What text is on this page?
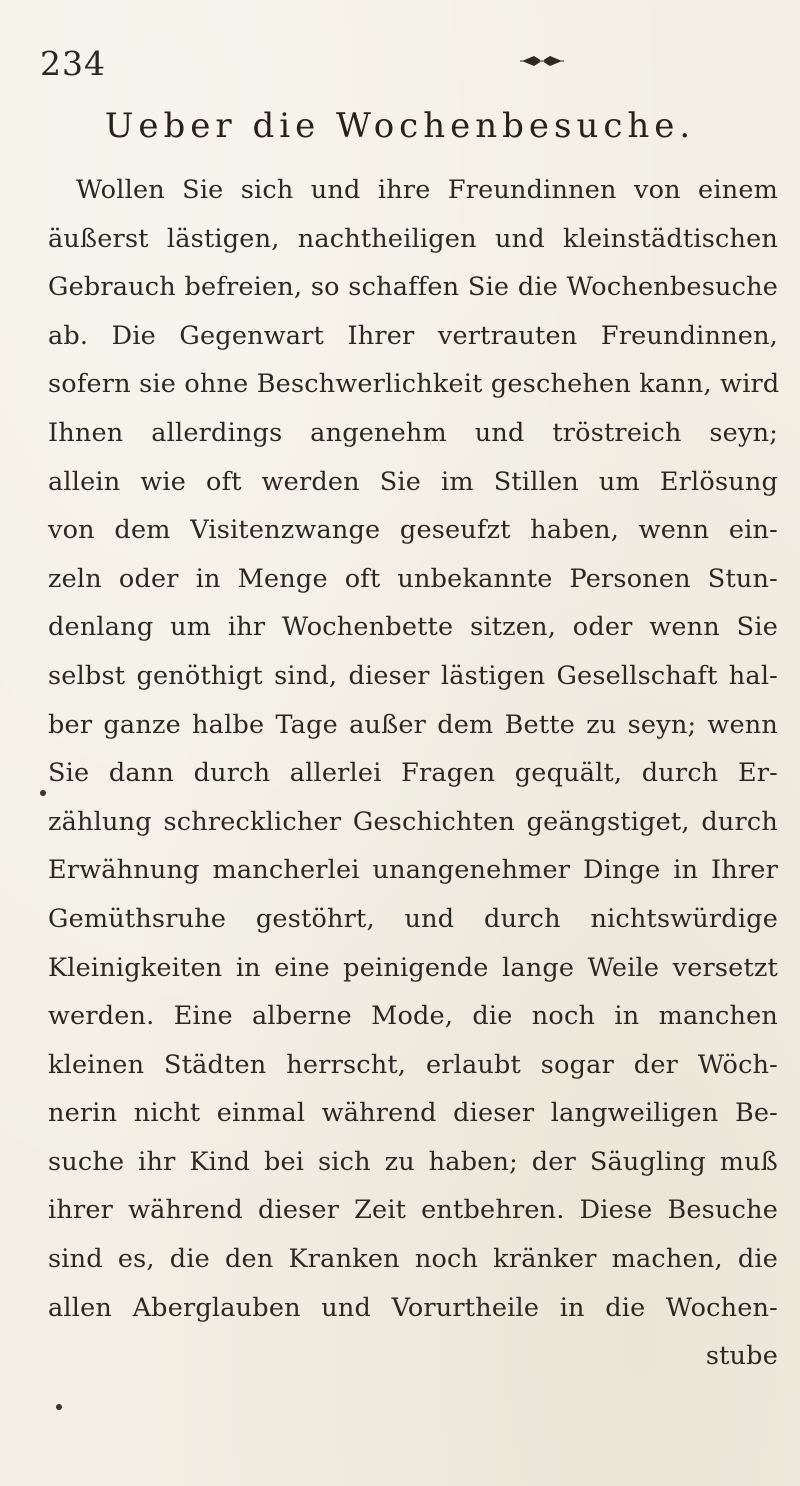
234
Ueber die Wochenbesuche.
Wollen Sie sich und ihre Freundinnen von einem
äußerst lästigen, nachtheiligen und kleinstädtischen
Gebrauch befreien, so schaffen Sie die Wochenbesuche
ab. Die Gegenwart Ihrer vertrauten Freundinnen,
sofern sie ohne Beschwerlichkeit geschehen kann, wird
Ihnen allerdings angenehm und tröstreich seyn;
allein wie oft werden Sie im Stillen um Erlösung
von dem Visitenzwange geseufzt haben, wenn ein-
zeln oder in Menge oft unbekannte Personen Stun-
denlang um ihr Wochenbette sitzen, oder wenn Sie
selbst genöthigt sind, dieser lästigen Gesellschaft hal-
ber ganze halbe Tage außer dem Bette zu seyn; wenn
Sie dann durch allerlei Fragen gequält, durch Er-
zählung schrecklicher Geschichten geängstiget, durch
Erwähnung mancherlei unangenehmer Dinge in Ihrer
Gemüthsruhe gestöhrt, und durch nichtswürdige
Kleinigkeiten in eine peinigende lange Weile versetzt
werden. Eine alberne Mode, die noch in manchen
kleinen Städten herrscht, erlaubt sogar der Wöch-
nerin nicht einmal während dieser langweiligen Be-
suche ihr Kind bei sich zu haben; der Säugling muß
ihrer während dieser Zeit entbehren. Diese Besuche
sind es, die den Kranken noch kränker machen, die
allen Aberglauben und Vorurtheile in die Wochen-
stube
